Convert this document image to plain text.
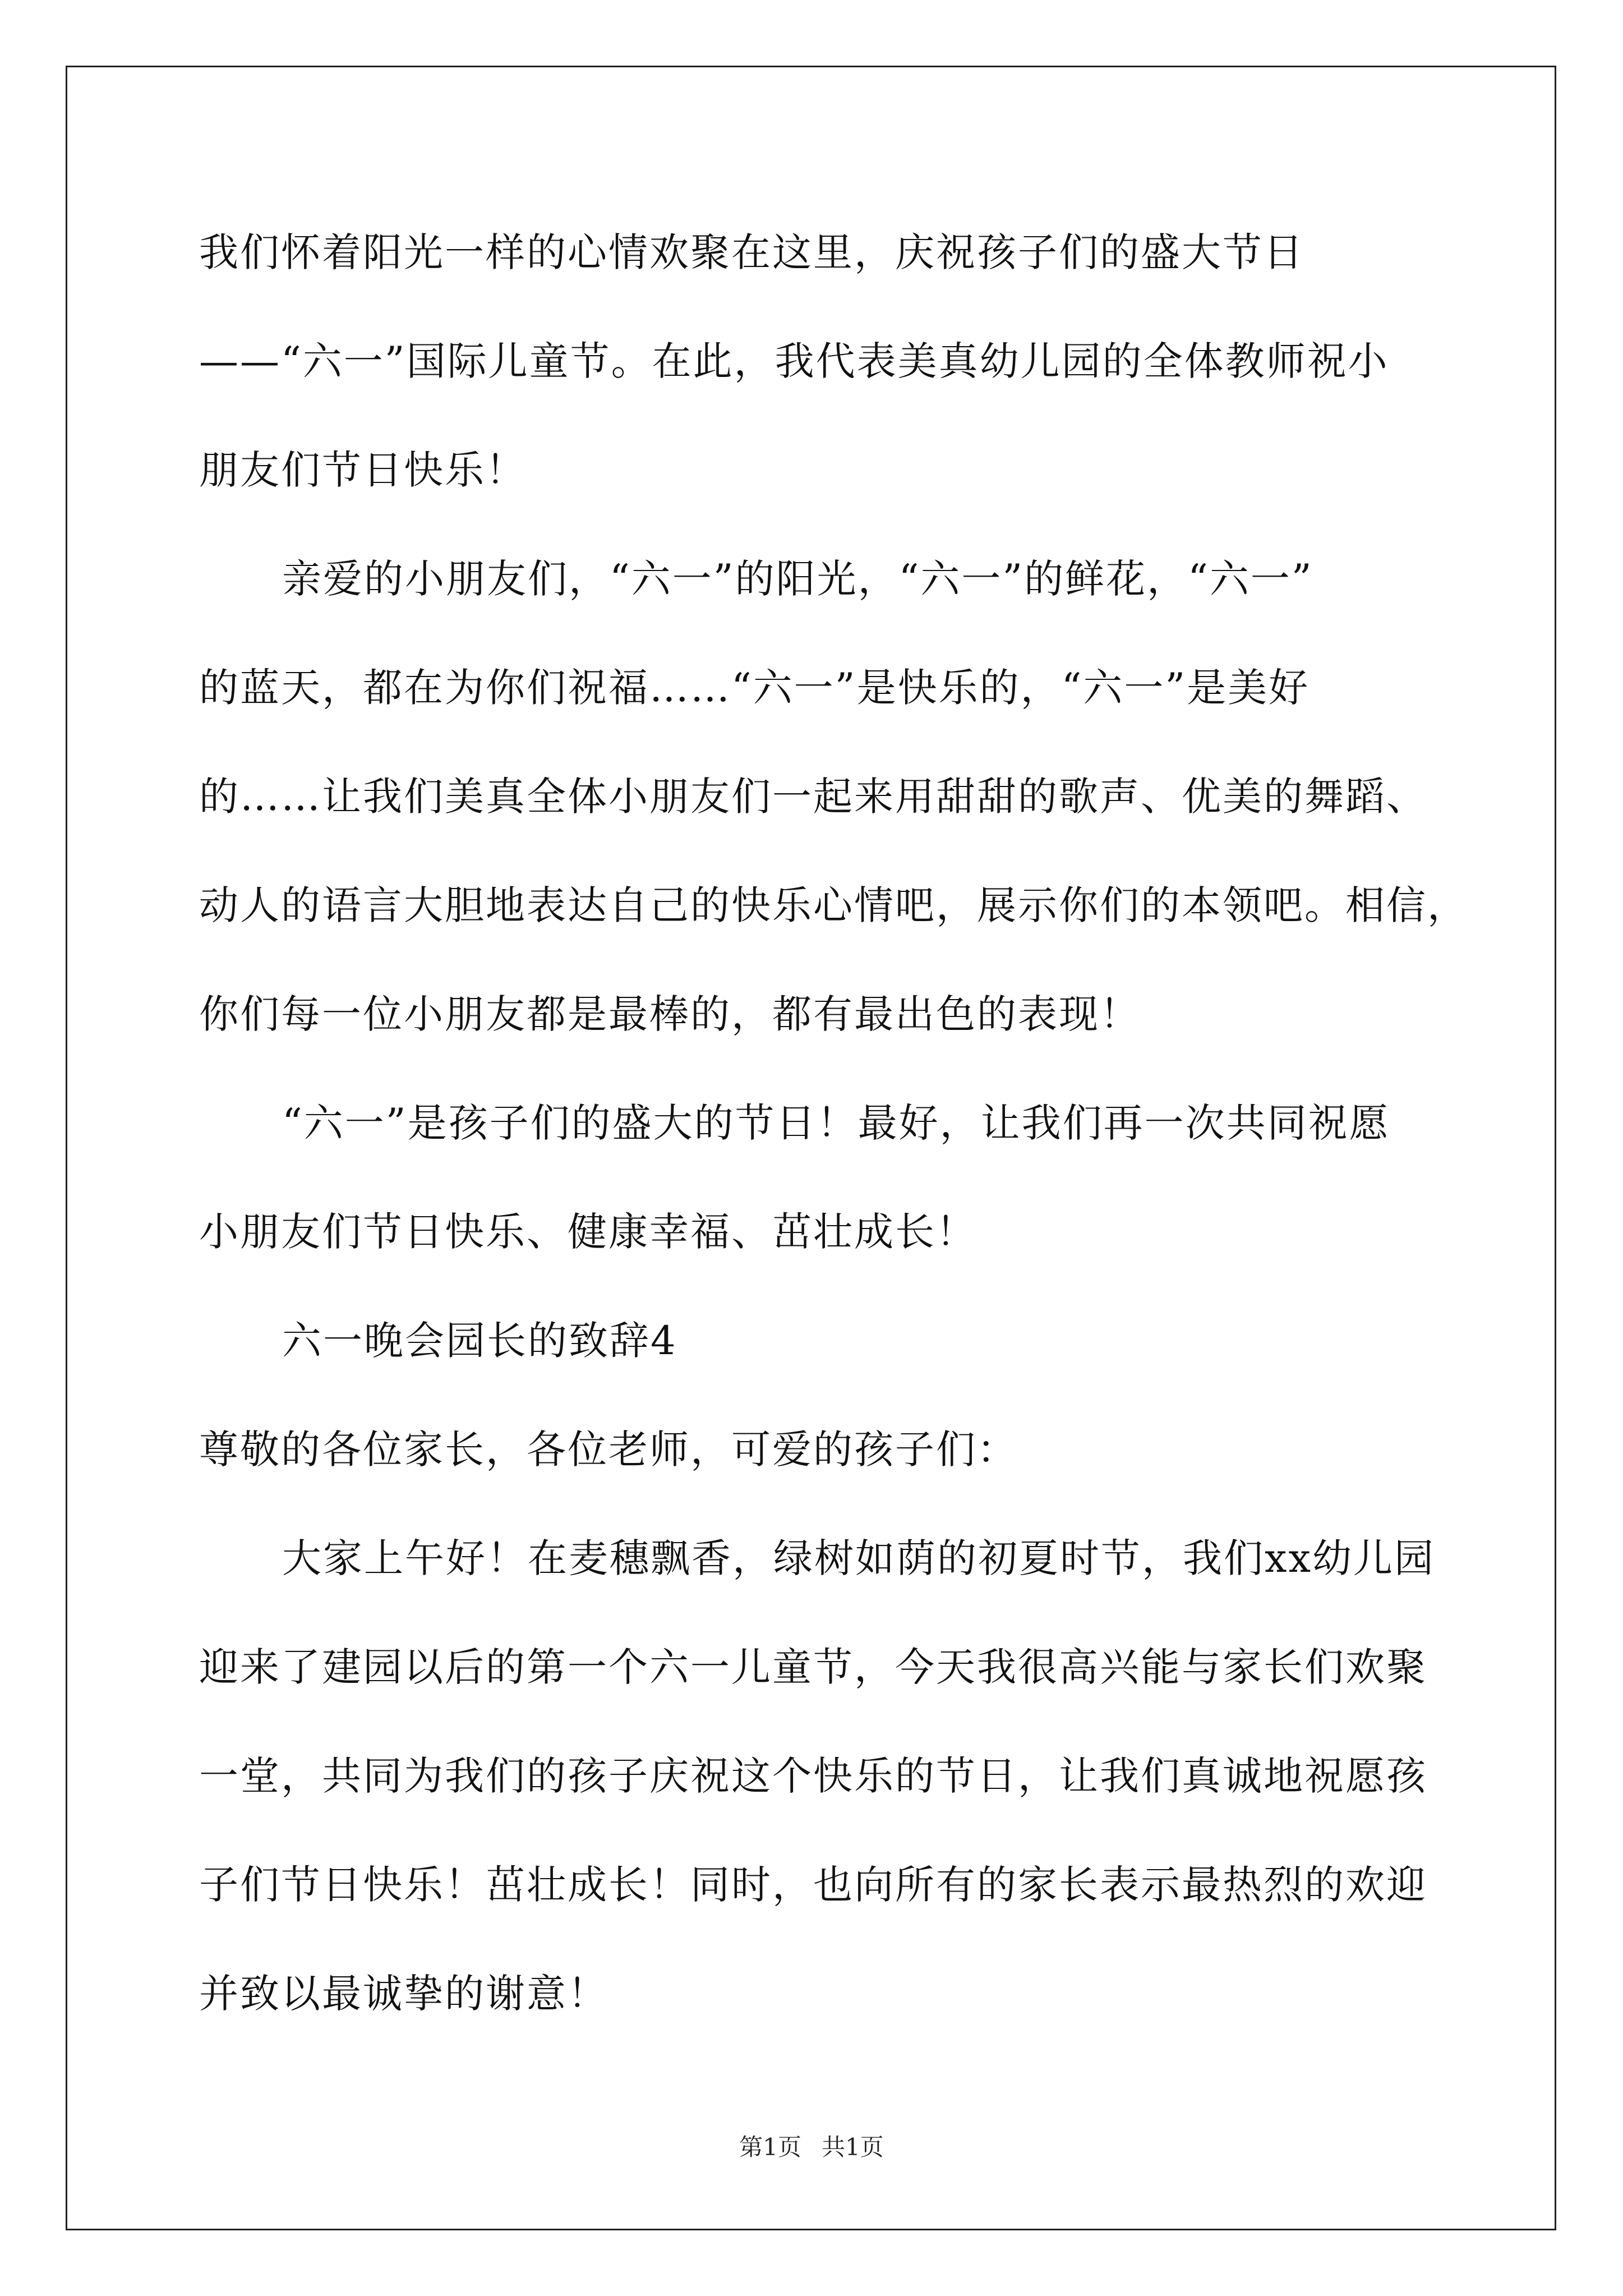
我们怀着阳光一样的心情欢聚在这里，庆祝孩子们的盛大节日
——“六一”国际儿童节。在此，我代表美真幼儿园的全体教师祝小
朋友们节日快乐！
亲爱的小朋友们，“六一”的阳光，“六一”的鲜花，“六一”
的蓝天，都在为你们祝福……“六一”是快乐的，“六一”是美好
的……让我们美真全体小朋友们一起来用甜甜的歌声、优美的舞蹈、
动人的语言大胆地表达自己的快乐心情吧，展示你们的本领吧。相信，
你们每一位小朋友都是最棒的，都有最出色的表现！
“六一”是孩子们的盛大的节日！最好，让我们再一次共同祝愿
小朋友们节日快乐、健康幸福、茁壮成长！
六一晚会园长的致辞4
尊敬的各位家长，各位老师，可爱的孩子们：
大家上午好！在麦穗飘香，绿树如荫的初夏时节，我们xx幼儿园
迎来了建园以后的第一个六一儿童节，今天我很高兴能与家长们欢聚
一堂，共同为我们的孩子庆祝这个快乐的节日，让我们真诚地祝愿孩
子们节日快乐！茁壮成长！同时，也向所有的家长表示最热烈的欢迎
并致以最诚挚的谢意！
第1页 共1页
